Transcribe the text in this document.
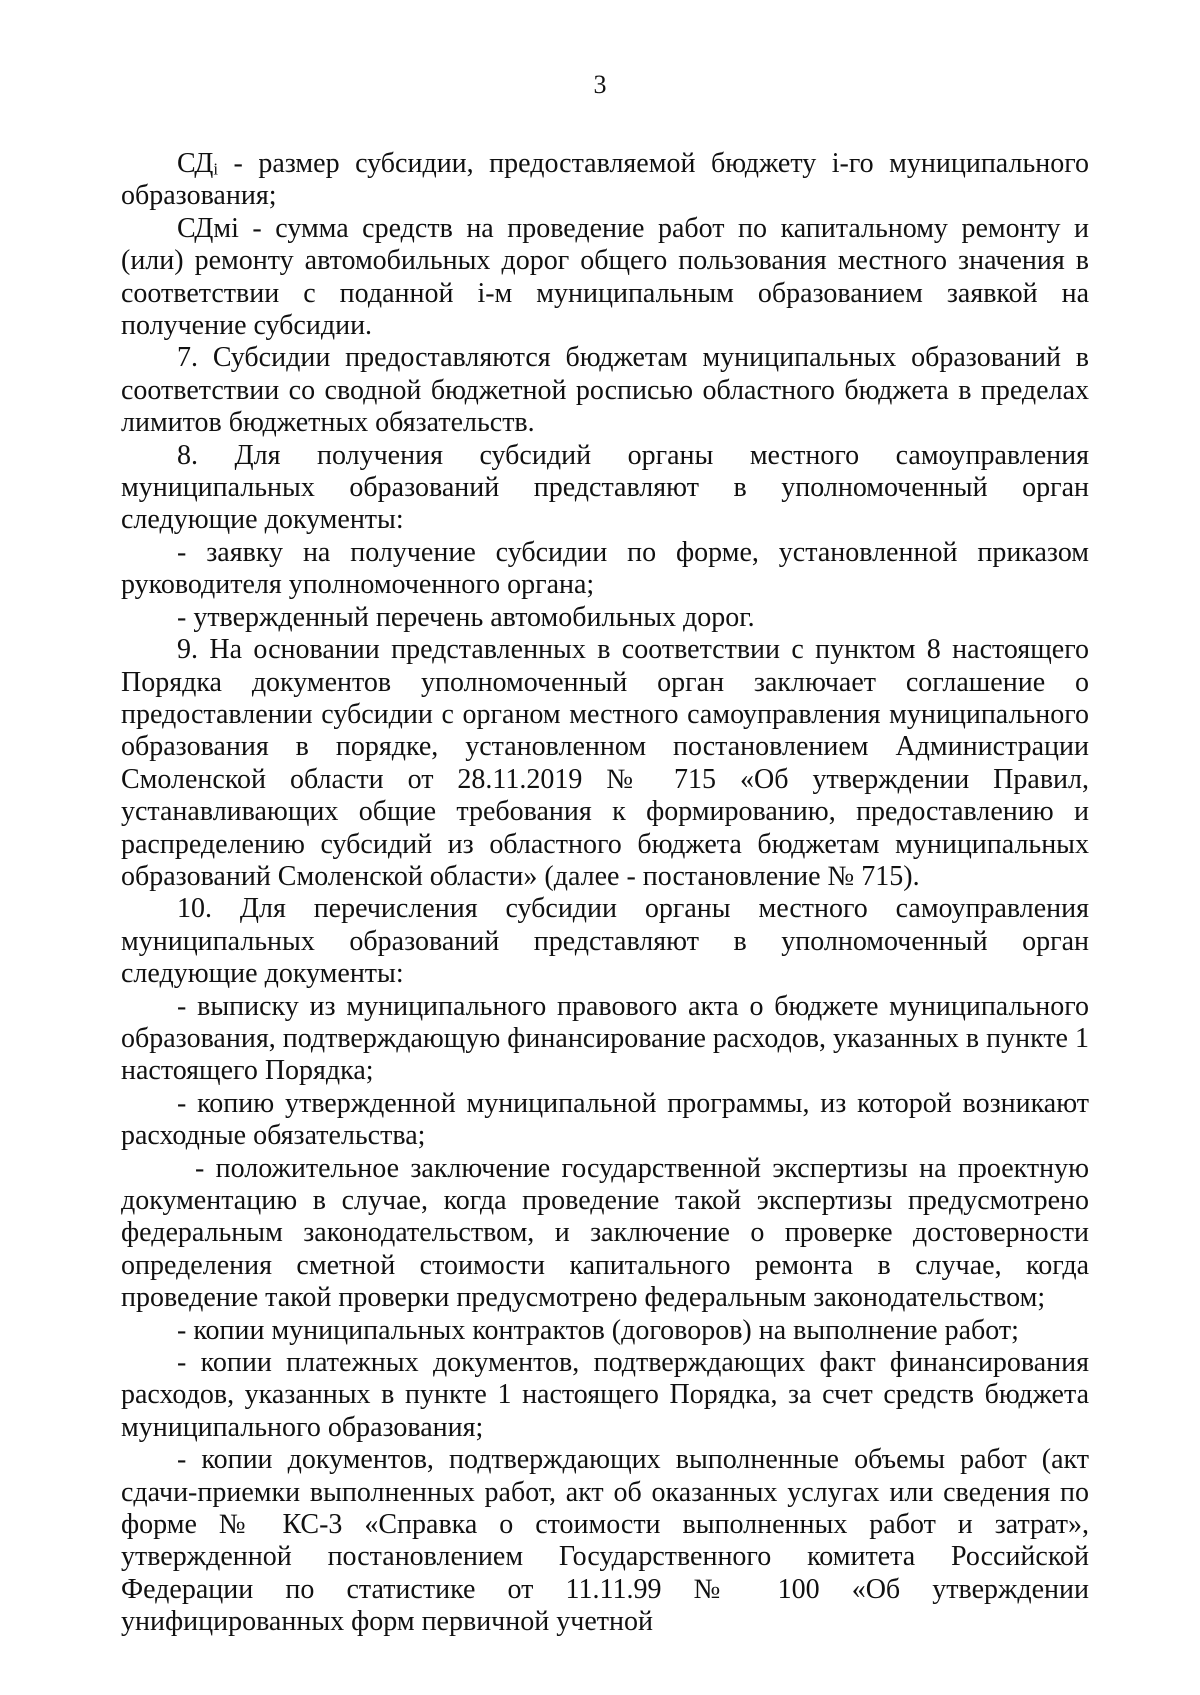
3

СДᵢ - размер субсидии, предоставляемой бюджету i-го муниципального образования;

СДмi - сумма средств на проведение работ по капитальному ремонту и (или) ремонту автомобильных дорог общего пользования местного значения в соответствии с поданной i-м муниципальным образованием заявкой на получение субсидии.

7. Субсидии предоставляются бюджетам муниципальных образований в соответствии со сводной бюджетной росписью областного бюджета в пределах лимитов бюджетных обязательств.

8. Для получения субсидий органы местного самоуправления муниципальных образований представляют в уполномоченный орган следующие документы:

- заявку на получение субсидии по форме, установленной приказом руководителя уполномоченного органа;

- утвержденный перечень автомобильных дорог.

9. На основании представленных в соответствии с пунктом 8 настоящего Порядка документов уполномоченный орган заключает соглашение о предоставлении субсидии с органом местного самоуправления муниципального образования в порядке, установленном постановлением Администрации Смоленской области от 28.11.2019 № 715 «Об утверждении Правил, устанавливающих общие требования к формированию, предоставлению и распределению субсидий из областного бюджета бюджетам муниципальных образований Смоленской области» (далее - постановление № 715).

10. Для перечисления субсидии органы местного самоуправления муниципальных образований представляют в уполномоченный орган следующие документы:

- выписку из муниципального правового акта о бюджете муниципального образования, подтверждающую финансирование расходов, указанных в пункте 1 настоящего Порядка;

- копию утвержденной муниципальной программы, из которой возникают расходные обязательства;

- положительное заключение государственной экспертизы на проектную документацию в случае, когда проведение такой экспертизы предусмотрено федеральным законодательством, и заключение о проверке достоверности определения сметной стоимости капитального ремонта в случае, когда проведение такой проверки предусмотрено федеральным законодательством;

- копии муниципальных контрактов (договоров) на выполнение работ;

- копии платежных документов, подтверждающих факт финансирования расходов, указанных в пункте 1 настоящего Порядка, за счет средств бюджета муниципального образования;

- копии документов, подтверждающих выполненные объемы работ (акт сдачи-приемки выполненных работ, акт об оказанных услугах или сведения по форме № КС-3 «Справка о стоимости выполненных работ и затрат», утвержденной постановлением Государственного комитета Российской Федерации по статистике от 11.11.99 № 100 «Об утверждении унифицированных форм первичной учетной
